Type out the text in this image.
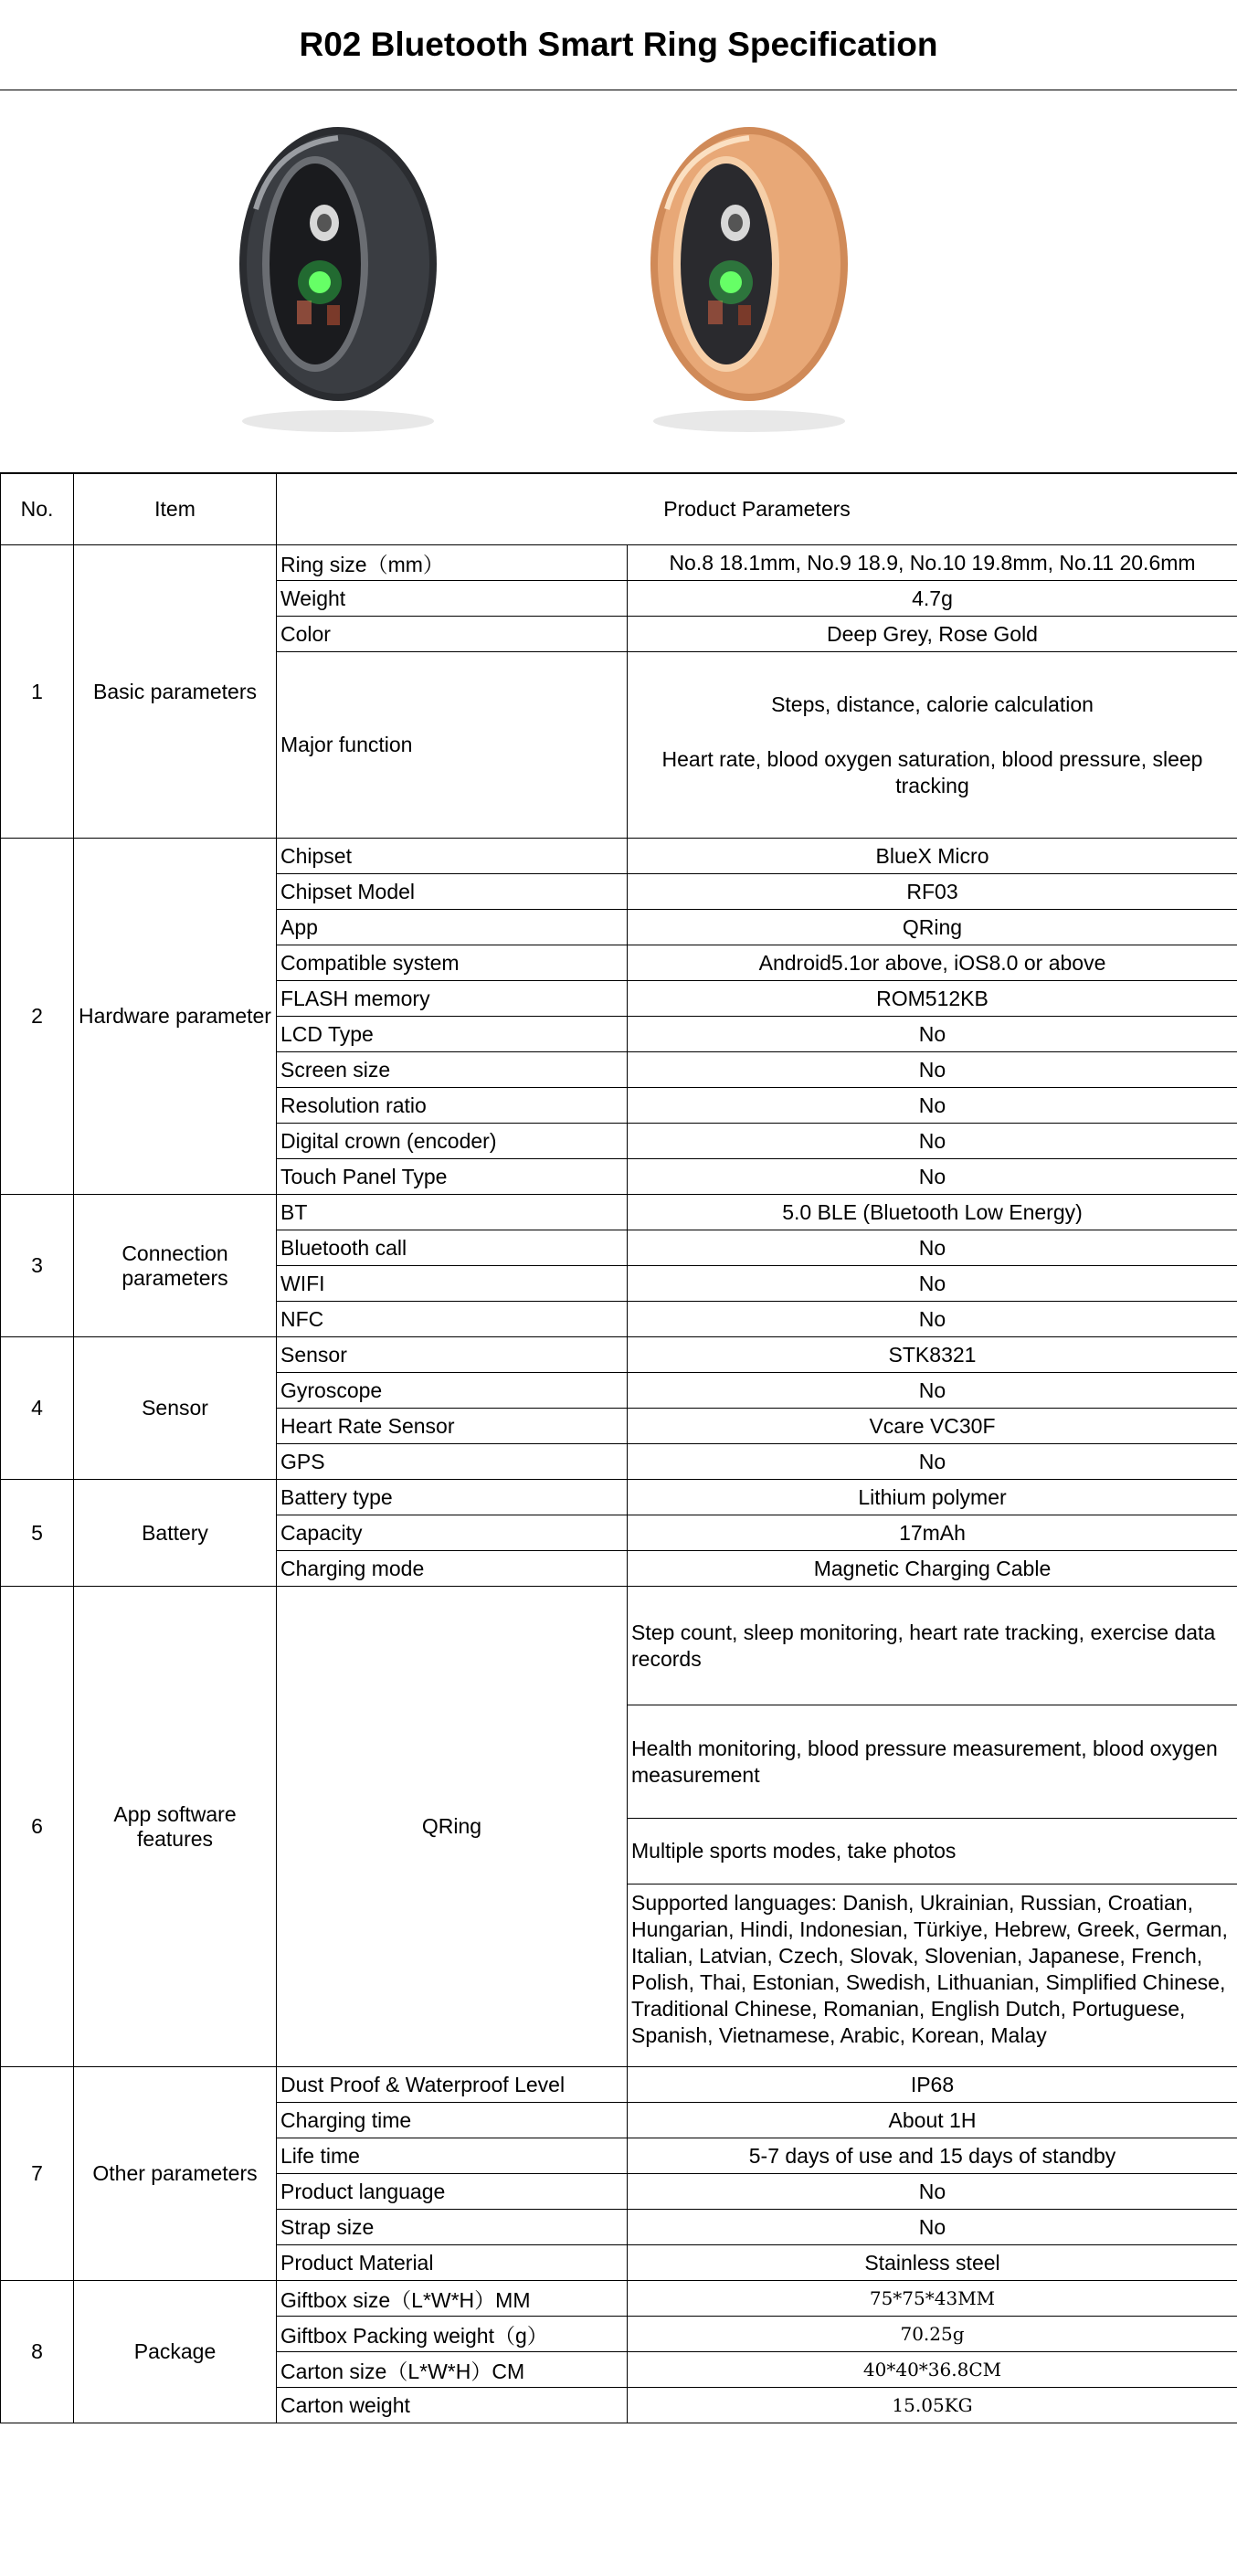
R02 Bluetooth Smart Ring Specification
No.	Item	Product Parameters	
1	Basic parameters	Ring size（mm）	No.8 18.1mm, No.9 18.9, No.10 19.8mm, No.11 20.6mm
		Weight	4.7g
		Color	Deep Grey, Rose Gold
		Major function	Steps, distance, calorie calculation
Heart rate, blood oxygen saturation, blood pressure, sleep tracking

2	Hardware parameter	Chipset	BlueX Micro
		Chipset Model	RF03
		App	QRing
		Compatible system	Android5.1or above, iOS8.0 or above
		FLASH memory	ROM512KB
		LCD Type	No
		Screen size	No
		Resolution ratio	No
		Digital crown (encoder)	No
		Touch Panel Type	No
3	Connection parameters	BT	5.0 BLE (Bluetooth Low Energy)
		Bluetooth call	No
		WIFI	No
		NFC	No
4	Sensor	Sensor	STK8321
		Gyroscope	No
		Heart Rate Sensor	Vcare VC30F
		GPS	No
5	Battery	Battery type	Lithium polymer
		Capacity	17mAh
		Charging mode	Magnetic Charging Cable
6	App software features	QRing	Step count, sleep monitoring, heart rate tracking, exercise data records
			Health monitoring, blood pressure measurement, blood oxygen measurement
			Multiple sports modes, take photos

			Supported languages: Danish, Ukrainian, Russian, Croatian, Hungarian, Hindi, Indonesian, Türkiye, Hebrew, Greek, German, Italian, Latvian, Czech, Slovak, Slovenian, Japanese, French, Polish, Thai, Estonian, Swedish, Lithuanian, Simplified Chinese, Traditional Chinese, Romanian, English Dutch, Portuguese, Spanish, Vietnamese, Arabic, Korean, Malay

7	Other parameters	Dust Proof & Waterproof Level	IP68
		Charging time	About 1H
		Life time	5-7 days of use and 15 days of standby
		Product language	No
		Strap size	No
		Product Material	Stainless steel
8	Package	Giftbox size（L*W*H）MM	75*75*43MM
		Giftbox Packing weight（g）	70.25g
		Carton size（L*W*H）CM	40*40*36.8CM
		Carton weight	15.05KG
